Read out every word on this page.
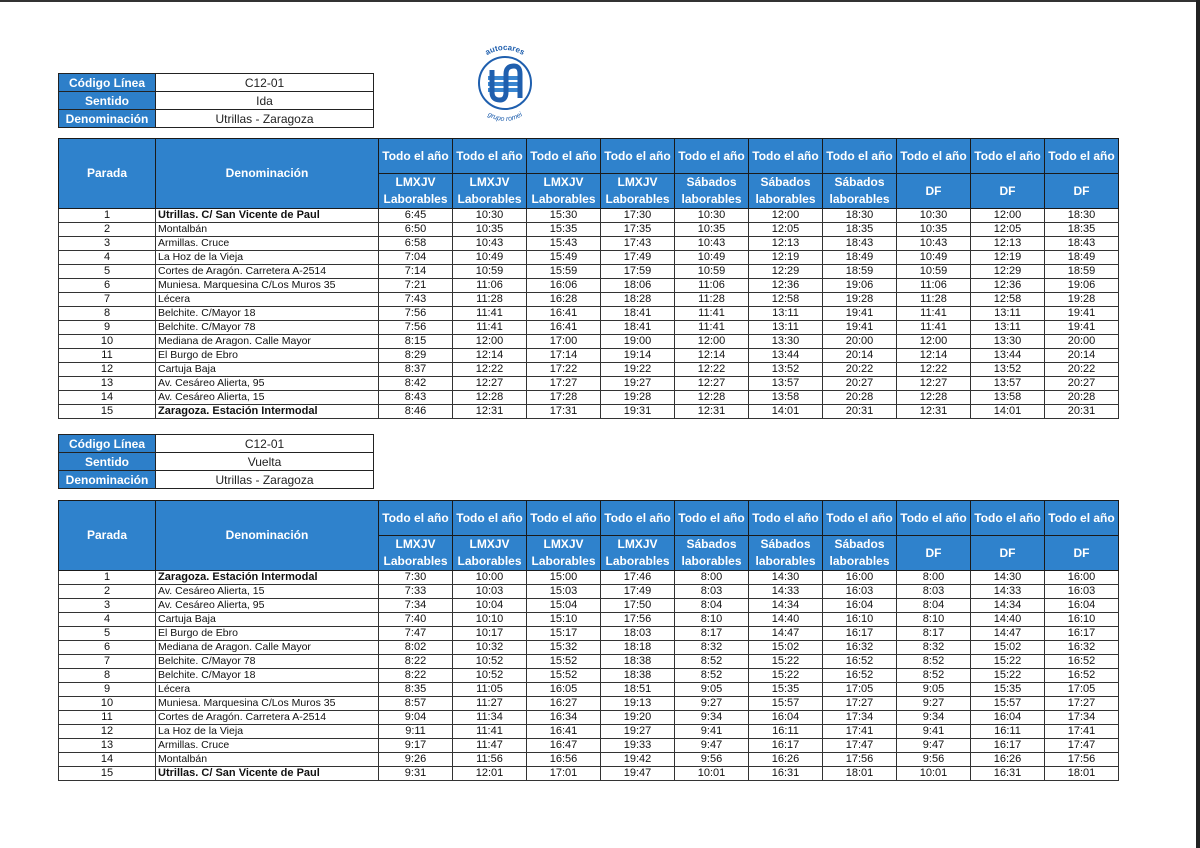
autocares
grupo romei
Código Línea	C12-01
Sentido	Ida
Denominación	Utrillas - Zaragoza
Parada	Denominación	Todo el año	Todo el año	Todo el año	Todo el año	Todo el año	Todo el año	Todo el año	Todo el año	Todo el año	Todo el año
		LMXJV Laborables	LMXJV Laborables	LMXJV Laborables	LMXJV Laborables	Sábados laborables	Sábados laborables	Sábados laborables	DF	DF	DF
1	Utrillas. C/ San Vicente de Paul	6:45	10:30	15:30	17:30	10:30	12:00	18:30	10:30	12:00	18:30
2	Montalbán	6:50	10:35	15:35	17:35	10:35	12:05	18:35	10:35	12:05	18:35
3	Armillas. Cruce	6:58	10:43	15:43	17:43	10:43	12:13	18:43	10:43	12:13	18:43
4	La Hoz de la Vieja	7:04	10:49	15:49	17:49	10:49	12:19	18:49	10:49	12:19	18:49
5	Cortes de Aragón. Carretera A-2514	7:14	10:59	15:59	17:59	10:59	12:29	18:59	10:59	12:29	18:59
6	Muniesa. Marquesina C/Los Muros 35	7:21	11:06	16:06	18:06	11:06	12:36	19:06	11:06	12:36	19:06
7	Lécera	7:43	11:28	16:28	18:28	11:28	12:58	19:28	11:28	12:58	19:28
8	Belchite. C/Mayor 18	7:56	11:41	16:41	18:41	11:41	13:11	19:41	11:41	13:11	19:41
9	Belchite. C/Mayor 78	7:56	11:41	16:41	18:41	11:41	13:11	19:41	11:41	13:11	19:41
10	Mediana de Aragon. Calle Mayor	8:15	12:00	17:00	19:00	12:00	13:30	20:00	12:00	13:30	20:00
11	El Burgo de Ebro	8:29	12:14	17:14	19:14	12:14	13:44	20:14	12:14	13:44	20:14
12	Cartuja Baja	8:37	12:22	17:22	19:22	12:22	13:52	20:22	12:22	13:52	20:22
13	Av. Cesáreo Alierta, 95	8:42	12:27	17:27	19:27	12:27	13:57	20:27	12:27	13:57	20:27
14	Av. Cesáreo Alierta, 15	8:43	12:28	17:28	19:28	12:28	13:58	20:28	12:28	13:58	20:28
15	Zaragoza. Estación Intermodal	8:46	12:31	17:31	19:31	12:31	14:01	20:31	12:31	14:01	20:31
Código Línea	C12-01
Sentido	Vuelta
Denominación	Utrillas - Zaragoza
Parada	Denominación	Todo el año	Todo el año	Todo el año	Todo el año	Todo el año	Todo el año	Todo el año	Todo el año	Todo el año	Todo el año
		LMXJV Laborables	LMXJV Laborables	LMXJV Laborables	LMXJV Laborables	Sábados laborables	Sábados laborables	Sábados laborables	DF	DF	DF
1	Zaragoza. Estación Intermodal	7:30	10:00	15:00	17:46	8:00	14:30	16:00	8:00	14:30	16:00
2	Av. Cesáreo Alierta, 15	7:33	10:03	15:03	17:49	8:03	14:33	16:03	8:03	14:33	16:03
3	Av. Cesáreo Alierta, 95	7:34	10:04	15:04	17:50	8:04	14:34	16:04	8:04	14:34	16:04
4	Cartuja Baja	7:40	10:10	15:10	17:56	8:10	14:40	16:10	8:10	14:40	16:10
5	El Burgo de Ebro	7:47	10:17	15:17	18:03	8:17	14:47	16:17	8:17	14:47	16:17
6	Mediana de Aragon. Calle Mayor	8:02	10:32	15:32	18:18	8:32	15:02	16:32	8:32	15:02	16:32
7	Belchite. C/Mayor 78	8:22	10:52	15:52	18:38	8:52	15:22	16:52	8:52	15:22	16:52
8	Belchite. C/Mayor 18	8:22	10:52	15:52	18:38	8:52	15:22	16:52	8:52	15:22	16:52
9	Lécera	8:35	11:05	16:05	18:51	9:05	15:35	17:05	9:05	15:35	17:05
10	Muniesa. Marquesina C/Los Muros 35	8:57	11:27	16:27	19:13	9:27	15:57	17:27	9:27	15:57	17:27
11	Cortes de Aragón. Carretera A-2514	9:04	11:34	16:34	19:20	9:34	16:04	17:34	9:34	16:04	17:34
12	La Hoz de la Vieja	9:11	11:41	16:41	19:27	9:41	16:11	17:41	9:41	16:11	17:41
13	Armillas. Cruce	9:17	11:47	16:47	19:33	9:47	16:17	17:47	9:47	16:17	17:47
14	Montalbán	9:26	11:56	16:56	19:42	9:56	16:26	17:56	9:56	16:26	17:56
15	Utrillas. C/ San Vicente de Paul	9:31	12:01	17:01	19:47	10:01	16:31	18:01	10:01	16:31	18:01
